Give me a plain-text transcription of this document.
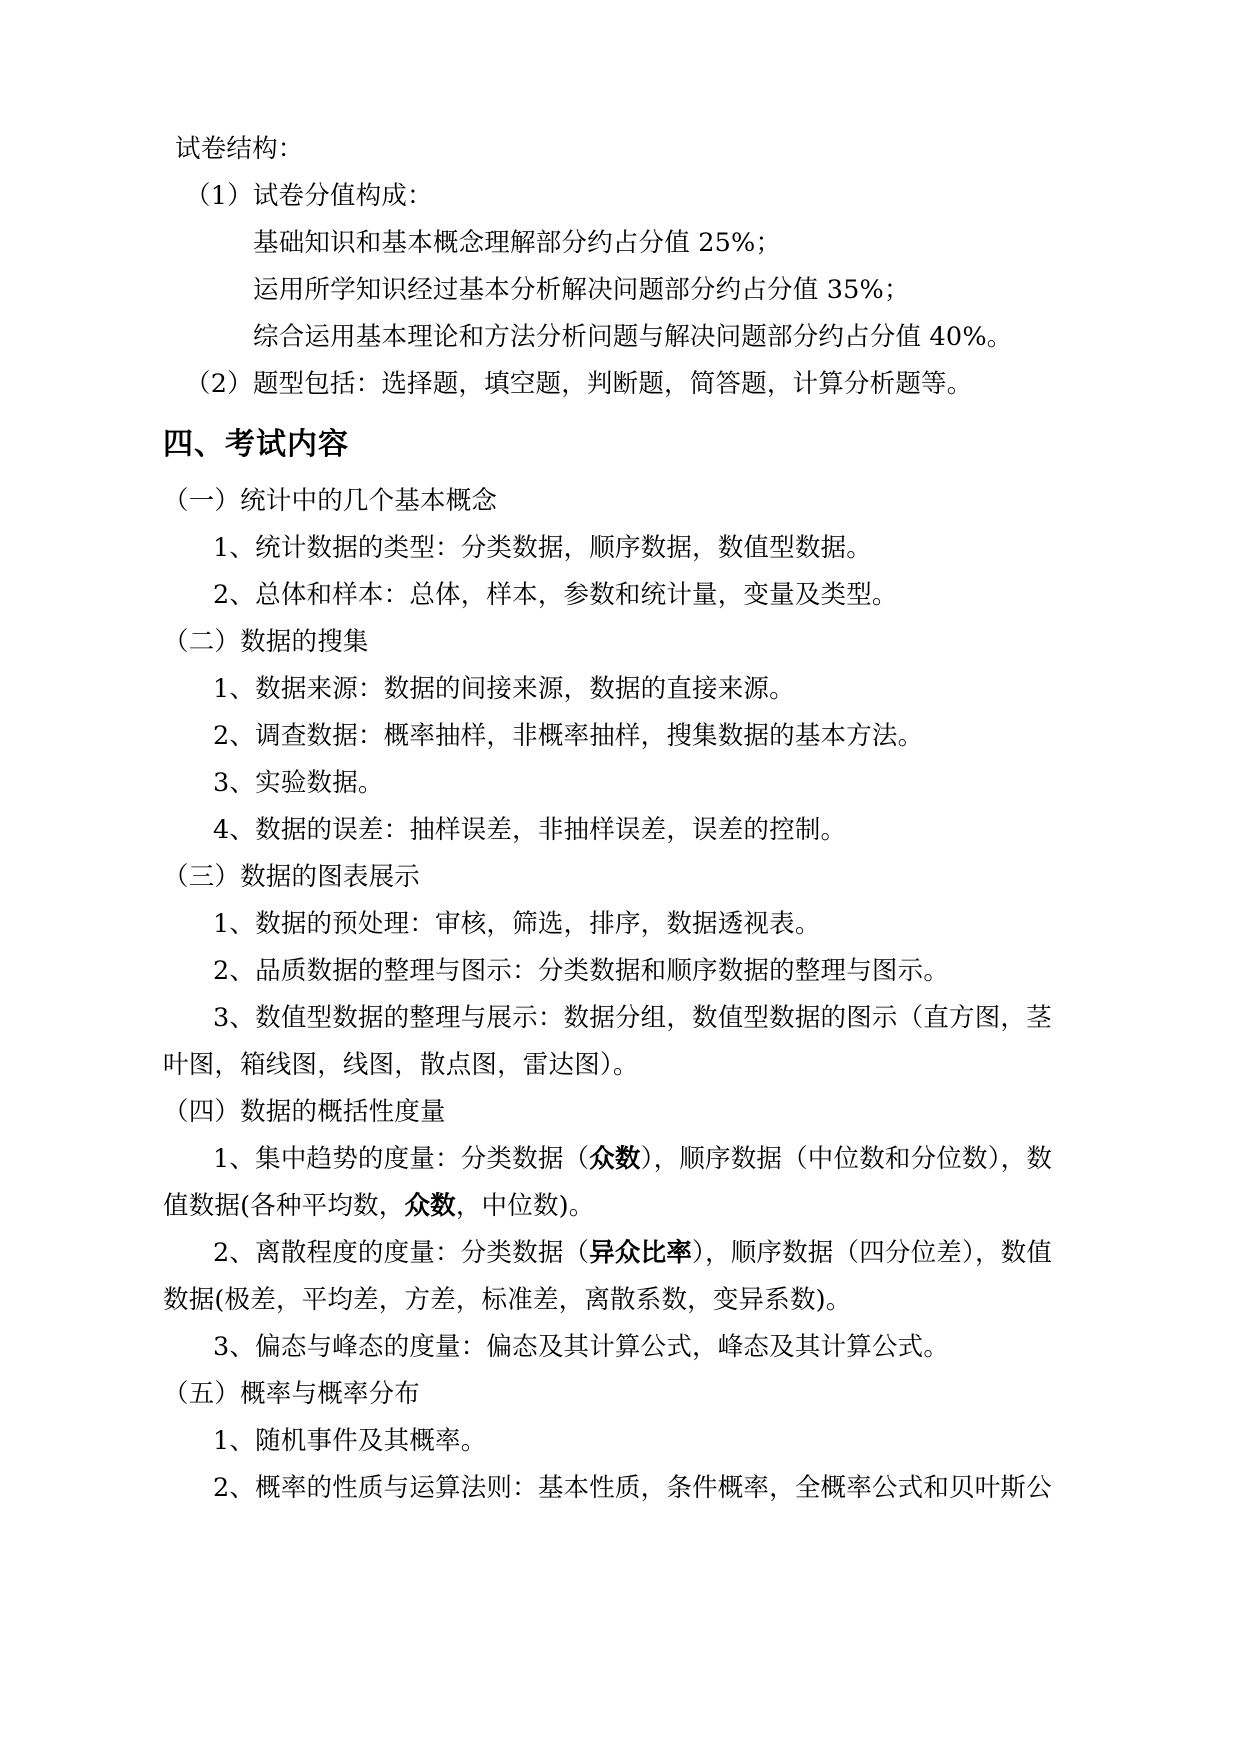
试卷结构：
（1）试卷分值构成：
基础知识和基本概念理解部分约占分值 25%；
运用所学知识经过基本分析解决问题部分约占分值 35%；
综合运用基本理论和方法分析问题与解决问题部分约占分值 40%。
（2）题型包括：选择题，填空题，判断题，简答题，计算分析题等。
四、考试内容
（一）统计中的几个基本概念
1、统计数据的类型：分类数据，顺序数据，数值型数据。
2、总体和样本：总体，样本，参数和统计量，变量及类型。
（二）数据的搜集
1、数据来源：数据的间接来源，数据的直接来源。
2、调查数据：概率抽样，非概率抽样，搜集数据的基本方法。
3、实验数据。
4、数据的误差：抽样误差，非抽样误差，误差的控制。
（三）数据的图表展示
1、数据的预处理：审核，筛选，排序，数据透视表。
2、品质数据的整理与图示：分类数据和顺序数据的整理与图示。
3、数值型数据的整理与展示：数据分组，数值型数据的图示（直方图，茎
叶图，箱线图，线图，散点图，雷达图）。
（四）数据的概括性度量
1、集中趋势的度量：分类数据（众数），顺序数据（中位数和分位数），数
值数据(各种平均数，众数，中位数)。
2、离散程度的度量：分类数据（异众比率），顺序数据（四分位差），数值
数据(极差，平均差，方差，标准差，离散系数，变异系数)。
3、偏态与峰态的度量：偏态及其计算公式，峰态及其计算公式。
（五）概率与概率分布
1、随机事件及其概率。
2、概率的性质与运算法则：基本性质，条件概率，全概率公式和贝叶斯公
